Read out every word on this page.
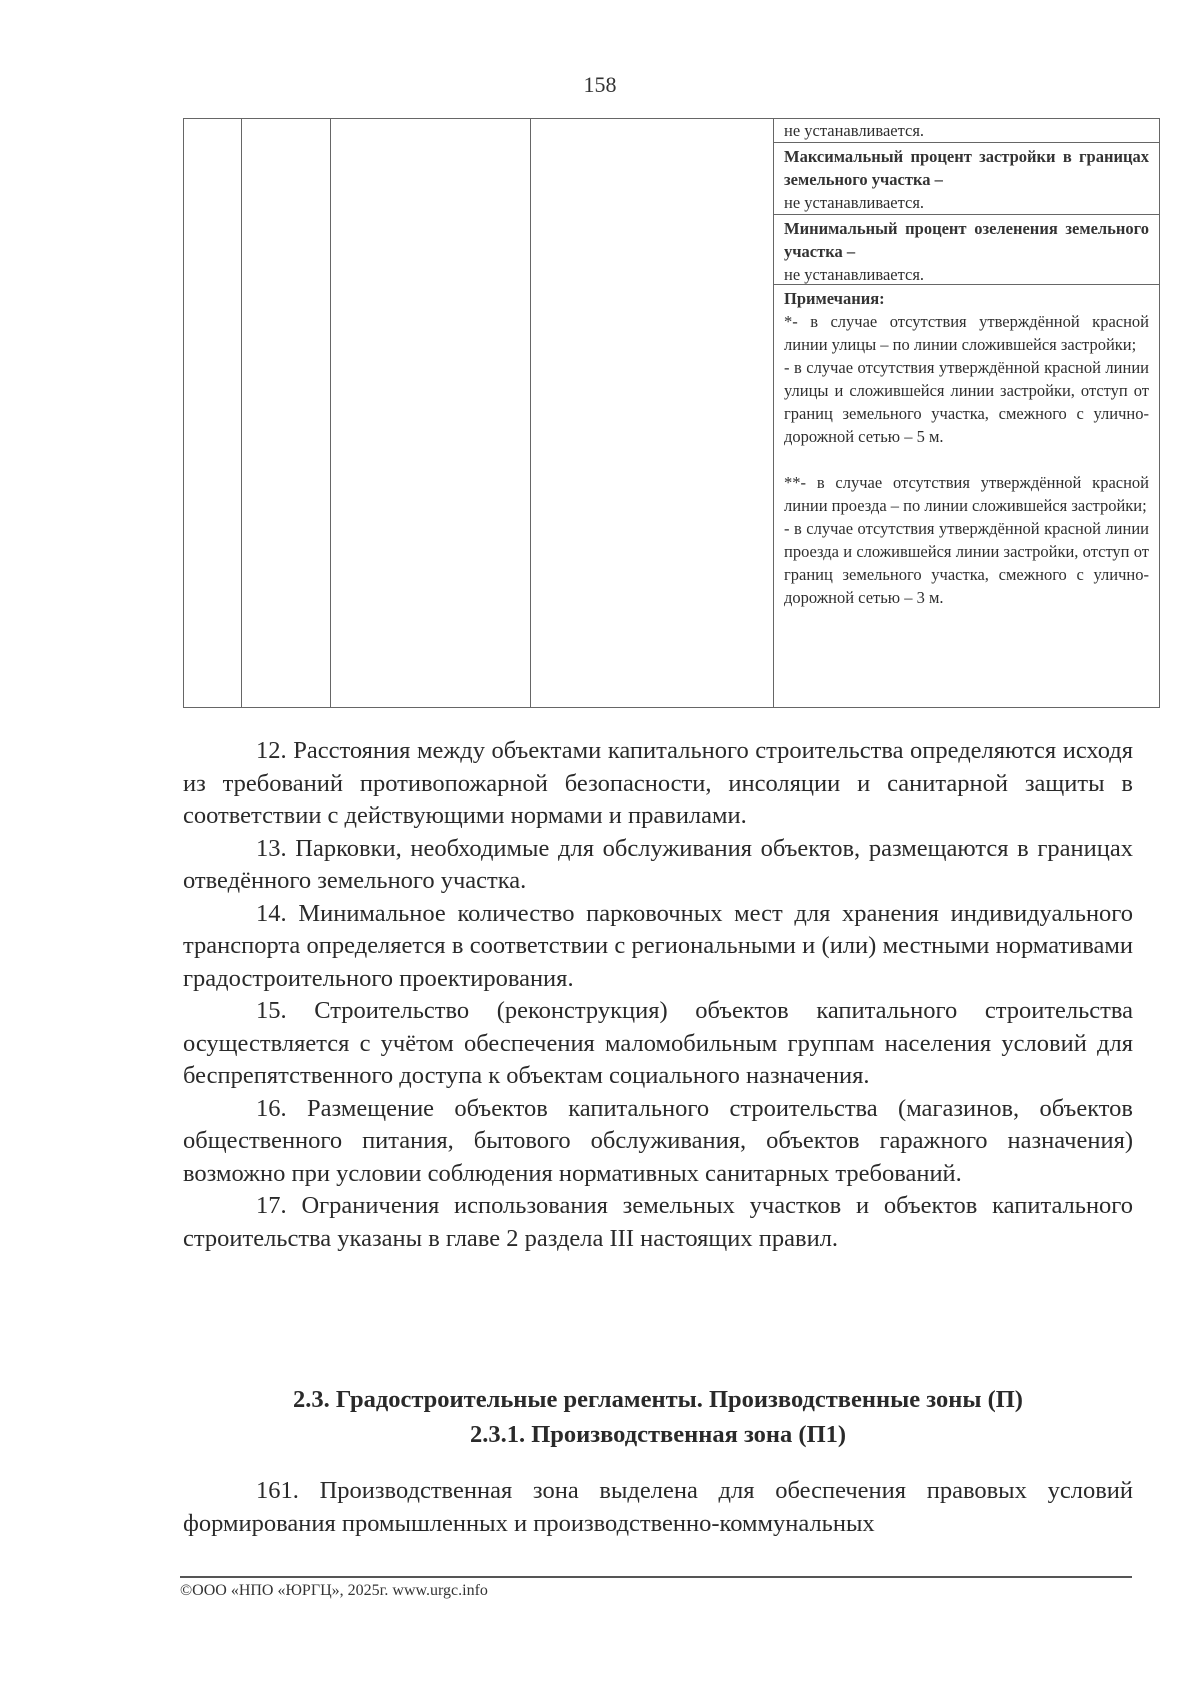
158
не устанавливается.

Максимальный процент застройки в границах земельного участка –

не устанавливается.

Минимальный процент озеленения земельного участка –

не устанавливается.

Примечания:

*- в случае отсутствия утверждённой красной линии улицы – по линии сложившейся застройки;

- в случае отсутствия утверждённой красной линии улицы и сложившейся линии застройки, отступ от границ земельного участка, смежного с улично-дорожной сетью – 5 м.

**- в случае отсутствия утверждённой красной линии проезда – по линии сложившейся застройки;

- в случае отсутствия утверждённой красной линии проезда и сложившейся линии застройки, отступ от границ земельного участка, смежного с улично-дорожной сетью – 3 м.

12. Расстояния между объектами капитального строительства определяются исходя из требований противопожарной безопасности, инсоляции и санитарной защиты в соответствии с действующими нормами и правилами.

13. Парковки, необходимые для обслуживания объектов, размещаются в границах отведённого земельного участка.

14. Минимальное количество парковочных мест для хранения индивидуального транспорта определяется в соответствии с региональными и (или) местными нормативами градостроительного проектирования.

15. Строительство (реконструкция) объектов капитального строительства осуществляется с учётом обеспечения маломобильным группам населения условий для беспрепятственного доступа к объектам социального назначения.

16. Размещение объектов капитального строительства (магазинов, объектов общественного питания, бытового обслуживания, объектов гаражного назначения) возможно при условии соблюдения нормативных санитарных требований.

17. Ограничения использования земельных участков и объектов капитального строительства указаны в главе 2 раздела III настоящих правил.

2.3. Градостроительные регламенты. Производственные зоны (П)
2.3.1. Производственная зона (П1)

161. Производственная зона выделена для обеспечения правовых условий формирования промышленных и производственно-коммунальных

©ООО «НПО «ЮРГЦ», 2025г. www.urgc.info
